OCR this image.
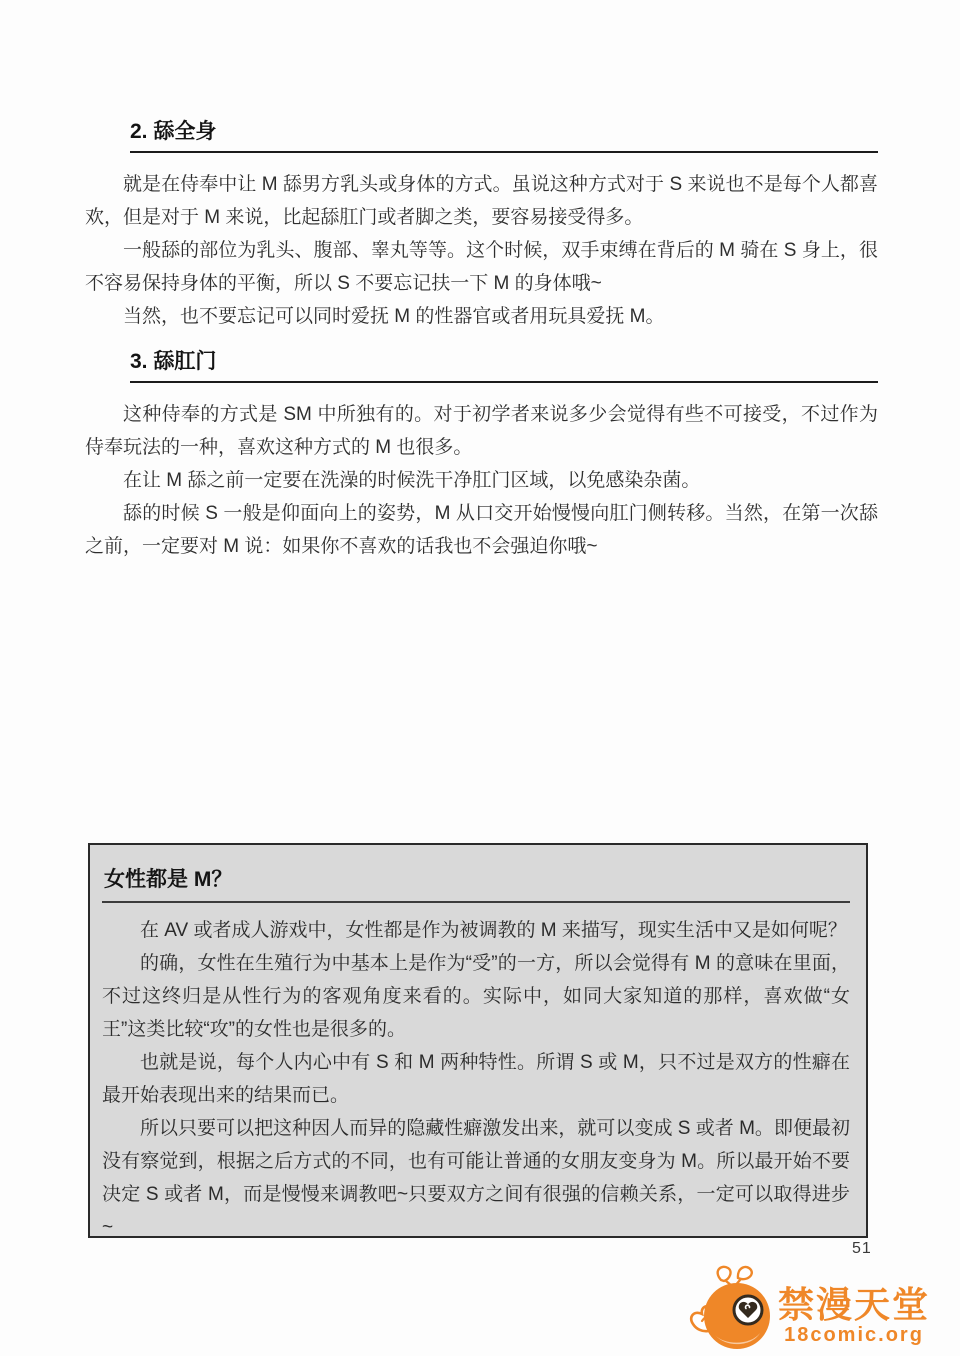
2. 舔全身

就是在侍奉中让 M 舔男方乳头或身体的方式。虽说这种方式对于 S 来说也不是每个人都喜欢，但是对于 M 来说，比起舔肛门或者脚之类，要容易接受得多。

一般舔的部位为乳头、腹部、睾丸等等。这个时候，双手束缚在背后的 M 骑在 S 身上，很不容易保持身体的平衡，所以 S 不要忘记扶一下 M 的身体哦~

当然，也不要忘记可以同时爱抚 M 的性器官或者用玩具爱抚 M。

3. 舔肛门

这种侍奉的方式是 SM 中所独有的。对于初学者来说多少会觉得有些不可接受，不过作为侍奉玩法的一种，喜欢这种方式的 M 也很多。

在让 M 舔之前一定要在洗澡的时候洗干净肛门区域，以免感染杂菌。

舔的时候 S 一般是仰面向上的姿势，M 从口交开始慢慢向肛门侧转移。当然，在第一次舔之前，一定要对 M 说：如果你不喜欢的话我也不会强迫你哦~

女性都是 M？

在 AV 或者成人游戏中，女性都是作为被调教的 M 来描写，现实生活中又是如何呢？

的确，女性在生殖行为中基本上是作为“受”的一方，所以会觉得有 M 的意味在里面，不过这终归是从性行为的客观角度来看的。实际中，如同大家知道的那样，喜欢做“女王”这类比较“攻”的女性也是很多的。

也就是说，每个人内心中有 S 和 M 两种特性。所谓 S 或 M，只不过是双方的性癖在最开始表现出来的结果而已。

所以只要可以把这种因人而异的隐藏性癖激发出来，就可以变成 S 或者 M。即便最初没有察觉到，根据之后方式的不同，也有可能让普通的女朋友变身为 M。所以最开始不要决定 S 或者 M，而是慢慢来调教吧~只要双方之间有很强的信赖关系，一定可以取得进步~

51
禁漫天堂
18comic.org
